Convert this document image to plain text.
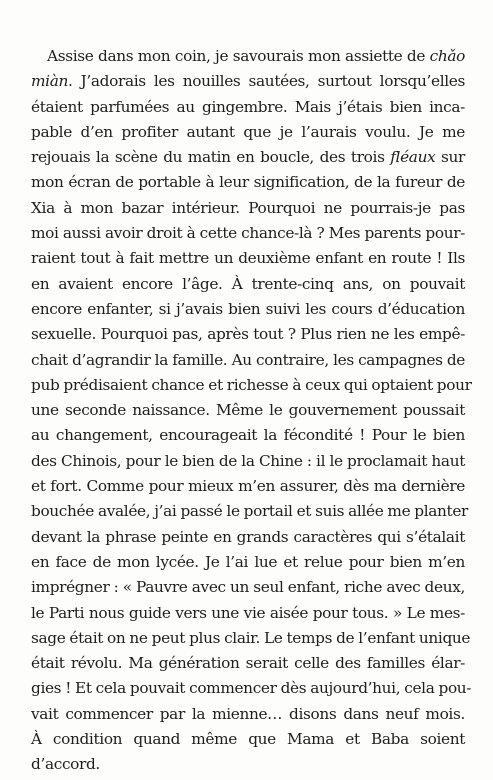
Assise dans mon coin, je savourais mon assiette de chǎo
miàn. J’adorais les nouilles sautées, surtout lorsqu’elles
étaient parfumées au gingembre. Mais j’étais bien inca-
pable d’en profiter autant que je l’aurais voulu. Je me
rejouais la scène du matin en boucle, des trois fléaux sur
mon écran de portable à leur signification, de la fureur de
Xia à mon bazar intérieur. Pourquoi ne pourrais-je pas
moi aussi avoir droit à cette chance-là ? Mes parents pour-
raient tout à fait mettre un deuxième enfant en route ! Ils
en avaient encore l’âge. À trente-cinq ans, on pouvait
encore enfanter, si j’avais bien suivi les cours d’éducation
sexuelle. Pourquoi pas, après tout ? Plus rien ne les empê-
chait d’agrandir la famille. Au contraire, les campagnes de
pub prédisaient chance et richesse à ceux qui optaient pour
une seconde naissance. Même le gouvernement poussait
au changement, encourageait la fécondité ! Pour le bien
des Chinois, pour le bien de la Chine : il le proclamait haut
et fort. Comme pour mieux m’en assurer, dès ma dernière
bouchée avalée, j’ai passé le portail et suis allée me planter
devant la phrase peinte en grands caractères qui s’étalait
en face de mon lycée. Je l’ai lue et relue pour bien m’en
imprégner : « Pauvre avec un seul enfant, riche avec deux,
le Parti nous guide vers une vie aisée pour tous. » Le mes-
sage était on ne peut plus clair. Le temps de l’enfant unique
était révolu. Ma génération serait celle des familles élar-
gies ! Et cela pouvait commencer dès aujourd’hui, cela pou-
vait commencer par la mienne… disons dans neuf mois.
À condition quand même que Mama et Baba soient
d’accord.
